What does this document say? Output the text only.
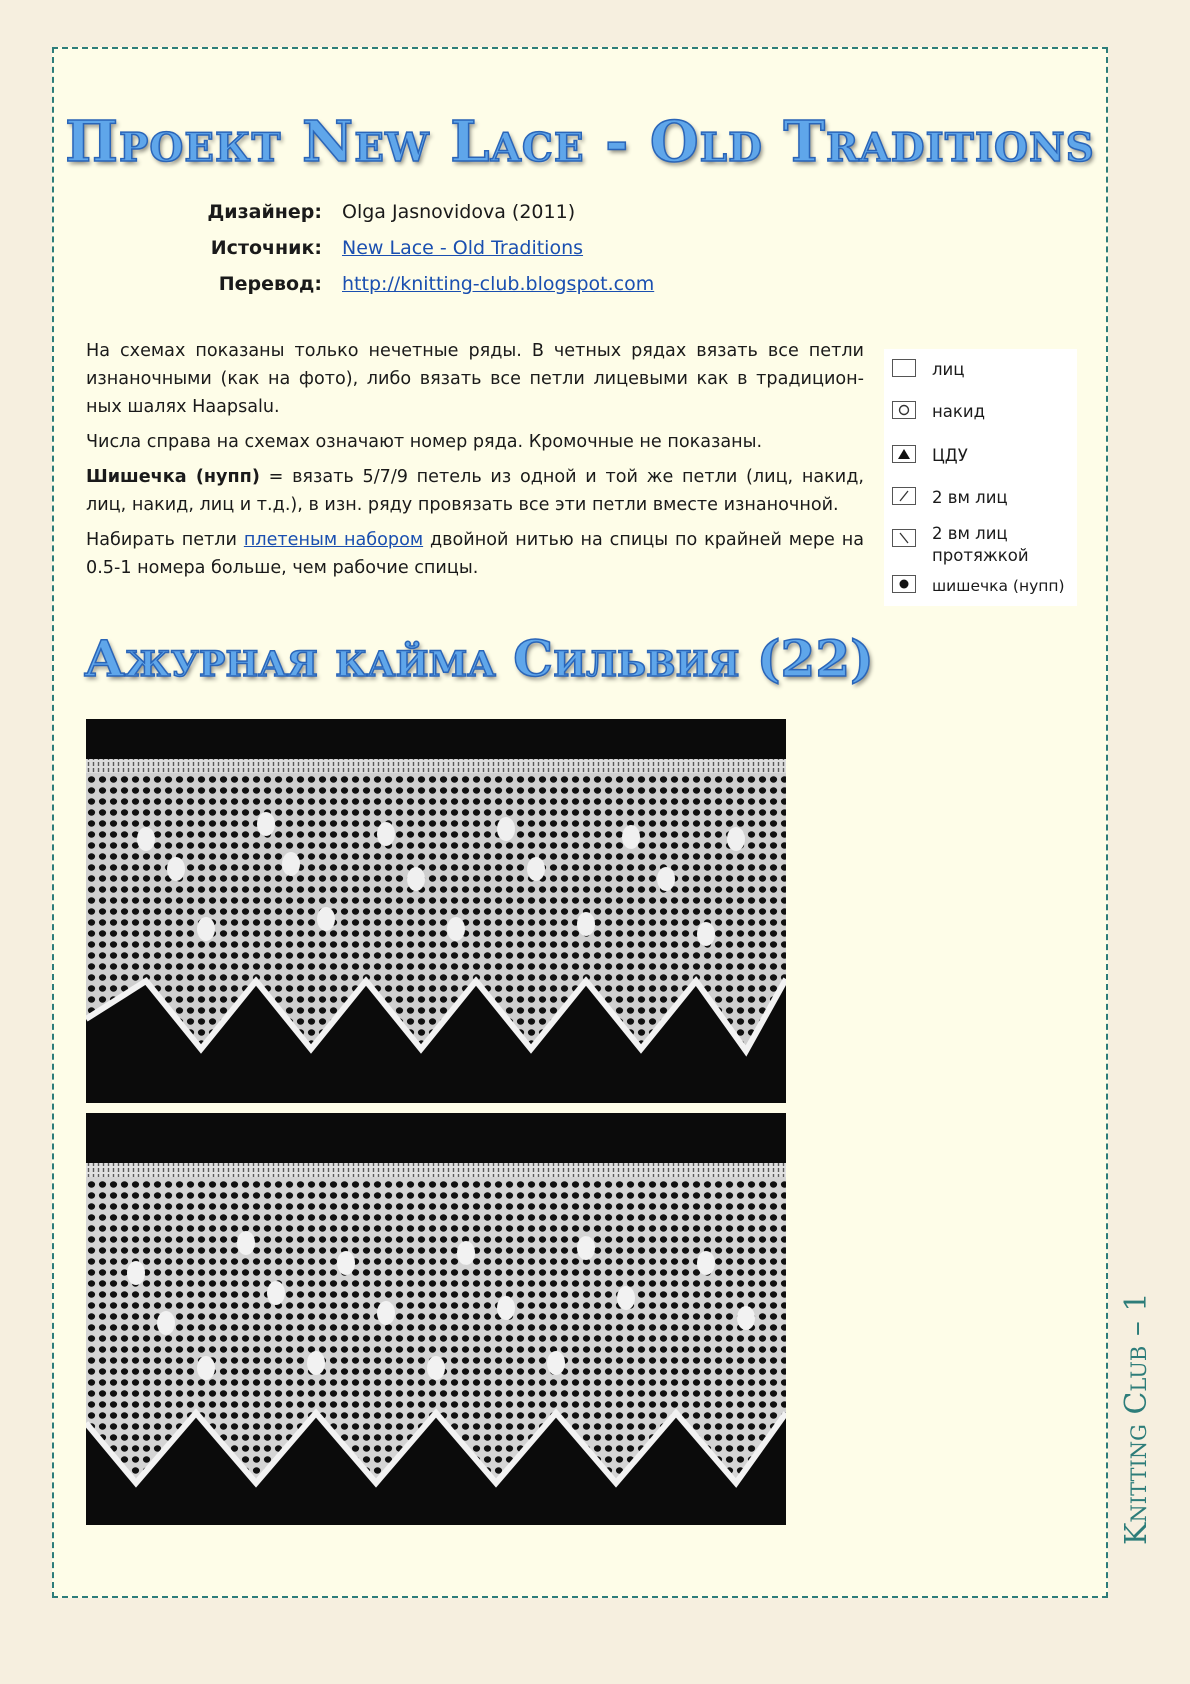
Проект New Lace - Old Traditions
Дизайнер:	Olga Jasnovidova (2011)
Источник:	New Lace - Old Traditions
Перевод:	http://knitting-club.blogspot.com

На схемах показаны только нечетные ряды. В четных рядах вязать все петли изнаночными (как на фото), либо вязать все петли лицевыми как в традицион-ных шалях Haapsalu.

Числа справа на схемах означают номер ряда. Кромочные не показаны.

Шишечка (нупп) = вязать 5/7/9 петель из одной и той же петли (лиц, накид, лиц, накид, лиц и т.д.), в изн. ряду провязать все эти петли вместе изнаночной.

Набирать петли плетеным набором двойной нитью на спицы по крайней мере на 0.5-1 номера больше, чем рабочие спицы.

лиц
накид
ЦДУ
2 вм лиц
2 вм лиц протяжкой
шишечка (нупп)
Ажурная кайма Сильвия (22)
Knitting Club – 1
